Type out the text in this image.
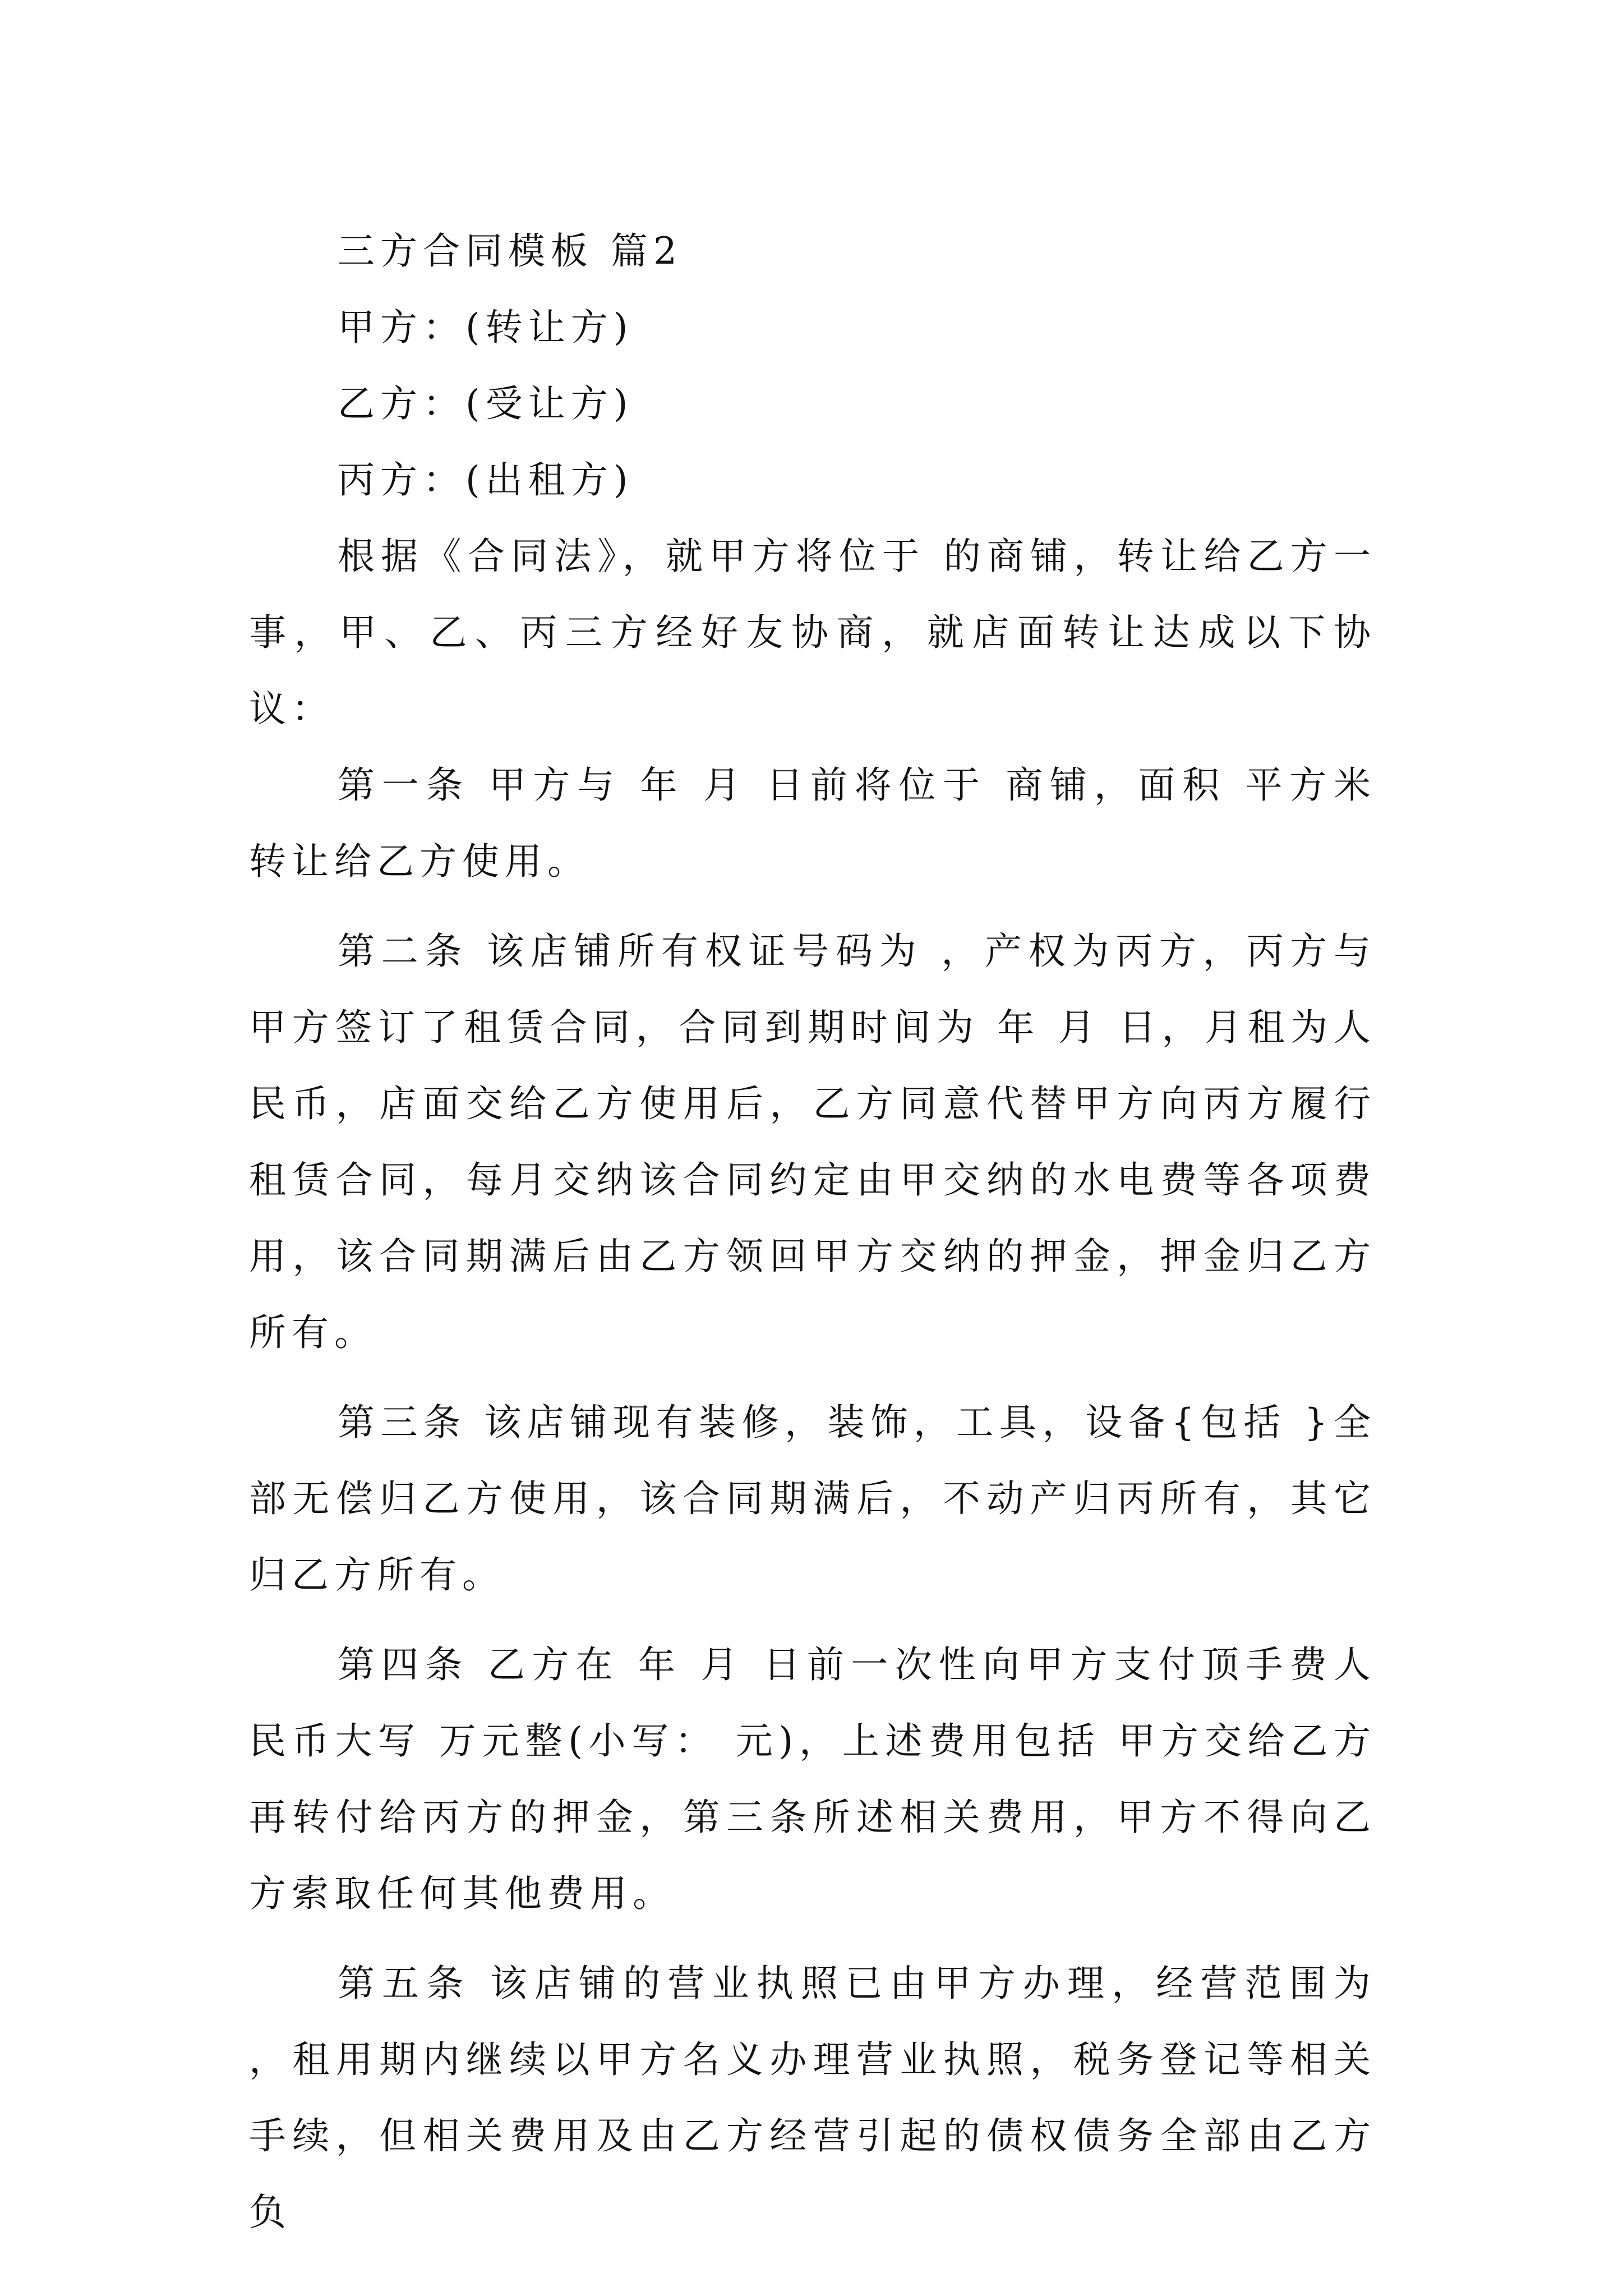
三方合同模板 篇2

甲方：(转让方)

乙方：(受让方)

丙方：(出租方)

根据《合同法》，就甲方将位于 的商铺，转让给乙方一事，甲、乙、丙三方经好友协商，就店面转让达成以下协议：

第一条 甲方与 年 月 日前将位于 商铺，面积 平方米转让给乙方使用。

第二条 该店铺所有权证号码为 ，产权为丙方，丙方与甲方签订了租赁合同，合同到期时间为 年 月 日，月租为人民币，店面交给乙方使用后，乙方同意代替甲方向丙方履行租赁合同，每月交纳该合同约定由甲交纳的水电费等各项费用，该合同期满后由乙方领回甲方交纳的押金，押金归乙方所有。

第三条 该店铺现有装修，装饰，工具，设备{包括 }全部无偿归乙方使用，该合同期满后，不动产归丙所有，其它归乙方所有。

第四条 乙方在 年 月 日前一次性向甲方支付顶手费人民币大写 万元整(小写： 元)，上述费用包括 甲方交给乙方再转付给丙方的押金，第三条所述相关费用，甲方不得向乙方索取任何其他费用。

第五条 该店铺的营业执照已由甲方办理，经营范围为 ，租用期内继续以甲方名义办理营业执照，税务登记等相关手续，但相关费用及由乙方经营引起的债权债务全部由乙方负
